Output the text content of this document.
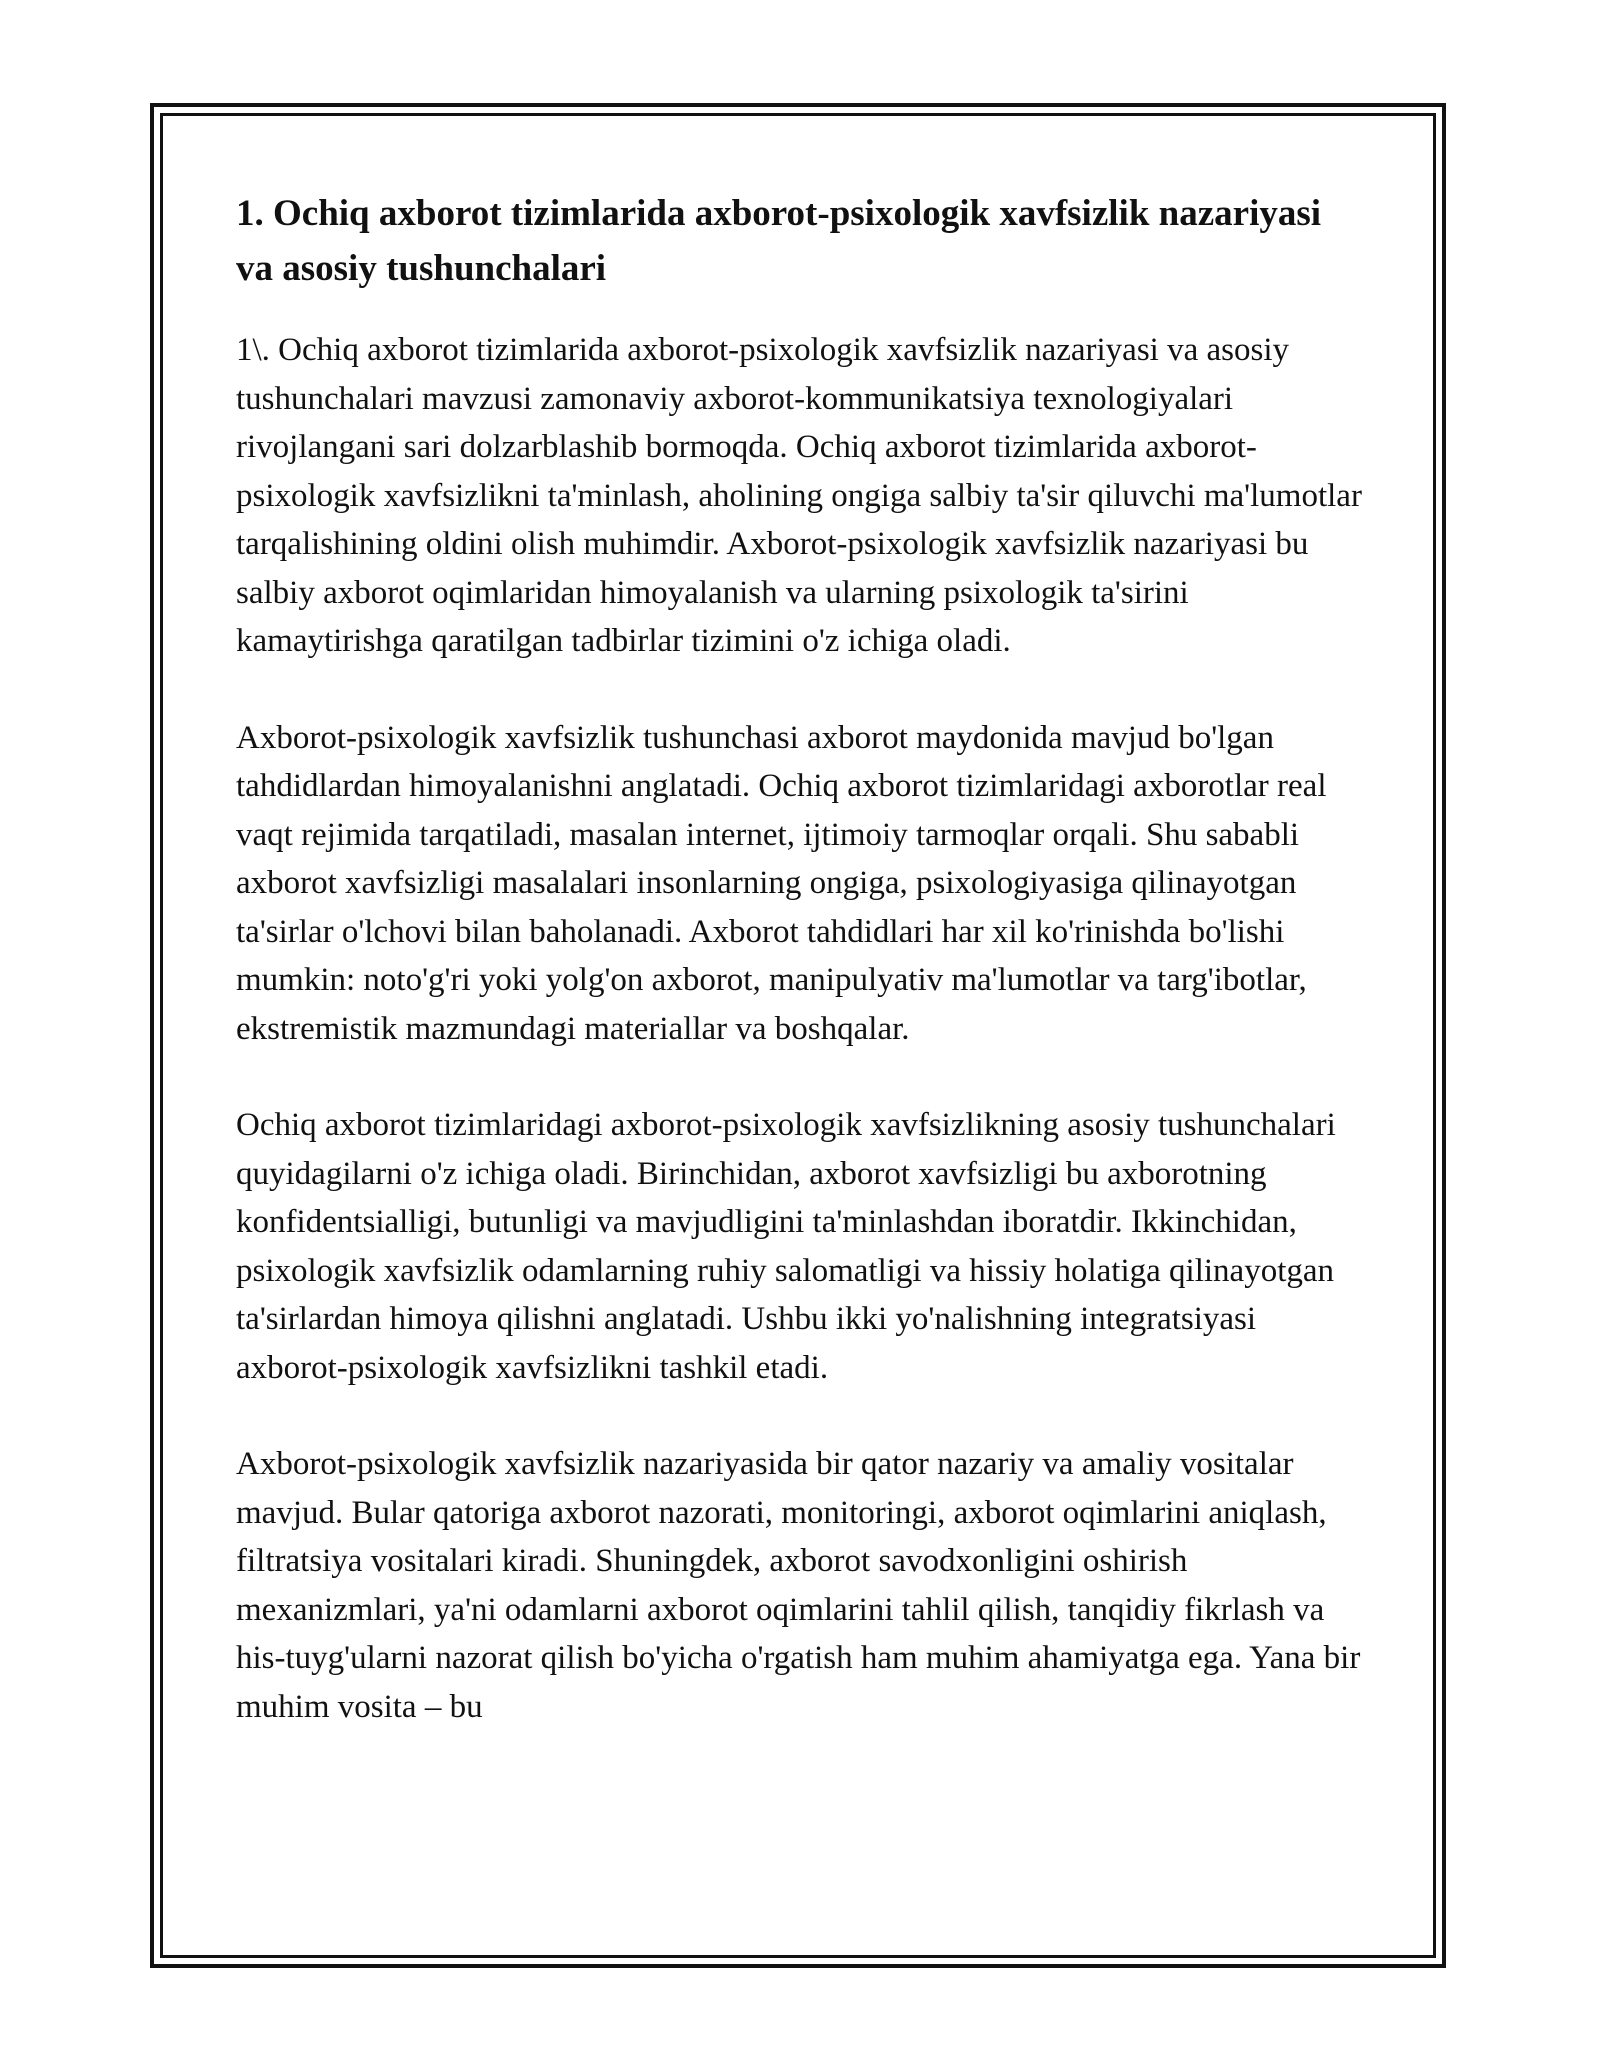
1. Ochiq axborot tizimlarida axborot-psixologik xavfsizlik nazariyasi va asosiy tushunchalari

1\. Ochiq axborot tizimlarida axborot-psixologik xavfsizlik nazariyasi va asosiy tushunchalari mavzusi zamonaviy axborot-kommunikatsiya texnologiyalari rivojlangani sari dolzarblashib bormoqda. Ochiq axborot tizimlarida axborot-psixologik xavfsizlikni ta'minlash, aholining ongiga salbiy ta'sir qiluvchi ma'lumotlar tarqalishining oldini olish muhimdir. Axborot-psixologik xavfsizlik nazariyasi bu salbiy axborot oqimlaridan himoyalanish va ularning psixologik ta'sirini kamaytirishga qaratilgan tadbirlar tizimini o'z ichiga oladi.

Axborot-psixologik xavfsizlik tushunchasi axborot maydonida mavjud bo'lgan tahdidlardan himoyalanishni anglatadi. Ochiq axborot tizimlaridagi axborotlar real vaqt rejimida tarqatiladi, masalan internet, ijtimoiy tarmoqlar orqali. Shu sababli axborot xavfsizligi masalalari insonlarning ongiga, psixologiyasiga qilinayotgan ta'sirlar o'lchovi bilan baholanadi. Axborot tahdidlari har xil ko'rinishda bo'lishi mumkin: noto'g'ri yoki yolg'on axborot, manipulyativ ma'lumotlar va targ'ibotlar, ekstremistik mazmundagi materiallar va boshqalar.

Ochiq axborot tizimlaridagi axborot-psixologik xavfsizlikning asosiy tushunchalari quyidagilarni o'z ichiga oladi. Birinchidan, axborot xavfsizligi bu axborotning konfidentsialligi, butunligi va mavjudligini ta'minlashdan iboratdir. Ikkinchidan, psixologik xavfsizlik odamlarning ruhiy salomatligi va hissiy holatiga qilinayotgan ta'sirlardan himoya qilishni anglatadi. Ushbu ikki yo'nalishning integratsiyasi axborot-psixologik xavfsizlikni tashkil etadi.

Axborot-psixologik xavfsizlik nazariyasida bir qator nazariy va amaliy vositalar mavjud. Bular qatoriga axborot nazorati, monitoringi, axborot oqimlarini aniqlash, filtratsiya vositalari kiradi. Shuningdek, axborot savodxonligini oshirish mexanizmlari, ya'ni odamlarni axborot oqimlarini tahlil qilish, tanqidiy fikrlash va his-tuyg'ularni nazorat qilish bo'yicha o'rgatish ham muhim ahamiyatga ega. Yana bir muhim vosita – bu
